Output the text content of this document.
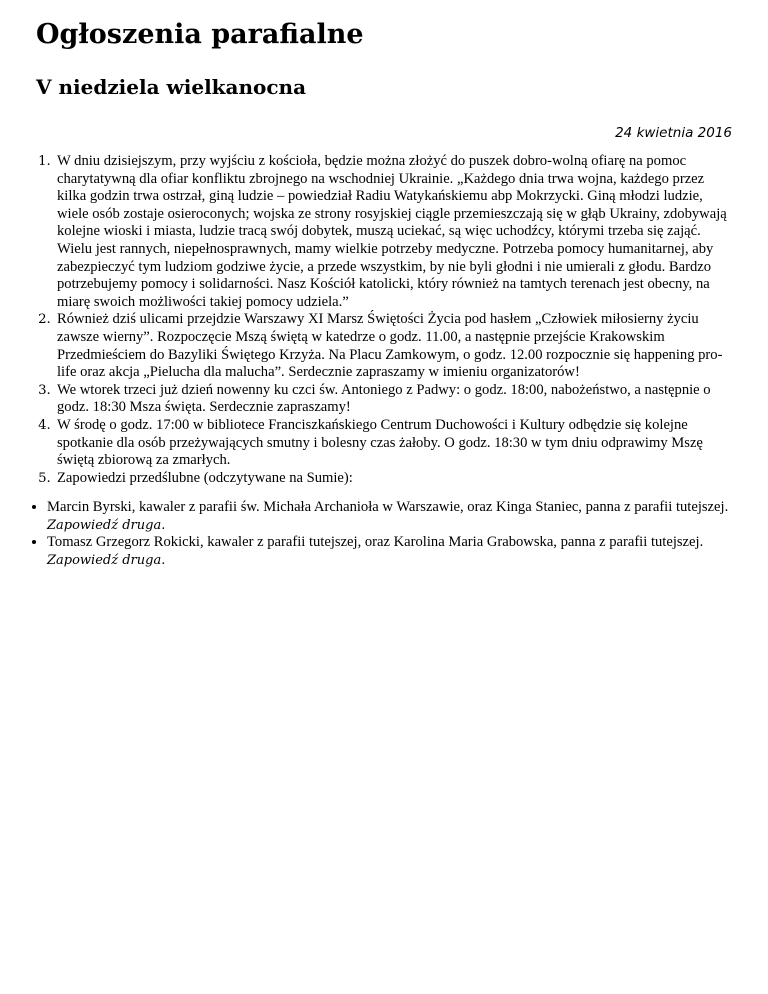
Ogłoszenia parafialne
V niedziela wielkanocna
24 kwietnia 2016
1. W dniu dzisiejszym, przy wyjściu z kościoła, będzie można złożyć do puszek dobro-wolną ofiarę na pomoc charytatywną dla ofiar konfliktu zbrojnego na wschodniej Ukrainie. „Każdego dnia trwa wojna, każdego przez kilka godzin trwa ostrzał, giną ludzie – powiedział Radiu Watykańskiemu abp Mokrzycki. Giną młodzi ludzie, wiele osób zostaje osieroconych; wojska ze strony rosyjskiej ciągle przemieszczają się w głąb Ukrainy, zdobywają kolejne wioski i miasta, ludzie tracą swój dobytek, muszą uciekać, są więc uchodźcy, którymi trzeba się zająć. Wielu jest rannych, niepełnosprawnych, mamy wielkie potrzeby medyczne. Potrzeba pomocy humanitarnej, aby zabezpieczyć tym ludziom godziwe życie, a przede wszystkim, by nie byli głodni i nie umierali z głodu. Bardzo potrzebujemy pomocy i solidarności. Nasz Kościół katolicki, który również na tamtych terenach jest obecny, na miarę swoich możliwości takiej pomocy udziela.”
2. Również dziś ulicami przejdzie Warszawy XI Marsz Świętości Życia pod hasłem „Człowiek miłosierny życiu zawsze wierny”. Rozpoczęcie Mszą świętą w katedrze o godz. 11.00, a następnie przejście Krakowskim Przedmieściem do Bazyliki Świętego Krzyża. Na Placu Zamkowym, o godz. 12.00 rozpocznie się happening pro-life oraz akcja „Pielucha dla malucha”. Serdecznie zapraszamy w imieniu organizatorów!
3. We wtorek trzeci już dzień nowenny ku czci św. Antoniego z Padwy: o godz. 18:00, nabożeństwo, a następnie o godz. 18:30 Msza święta. Serdecznie zapraszamy!
4. W środę o godz. 17:00 w bibliotece Franciszkańskiego Centrum Duchowości i Kultury odbędzie się kolejne spotkanie dla osób przeżywających smutny i bolesny czas żałoby. O godz. 18:30 w tym dniu odprawimy Mszę świętą zbiorową za zmarłych.
5. Zapowiedzi przedślubne (odczytywane na Sumie):
• Marcin Byrski, kawaler z parafii św. Michała Archanioła w Warszawie, oraz Kinga Staniec, panna z parafii tutejszej. Zapowiedź druga.
• Tomasz Grzegorz Rokicki, kawaler z parafii tutejszej, oraz Karolina Maria Grabowska, panna z parafii tutejszej. Zapowiedź druga.
